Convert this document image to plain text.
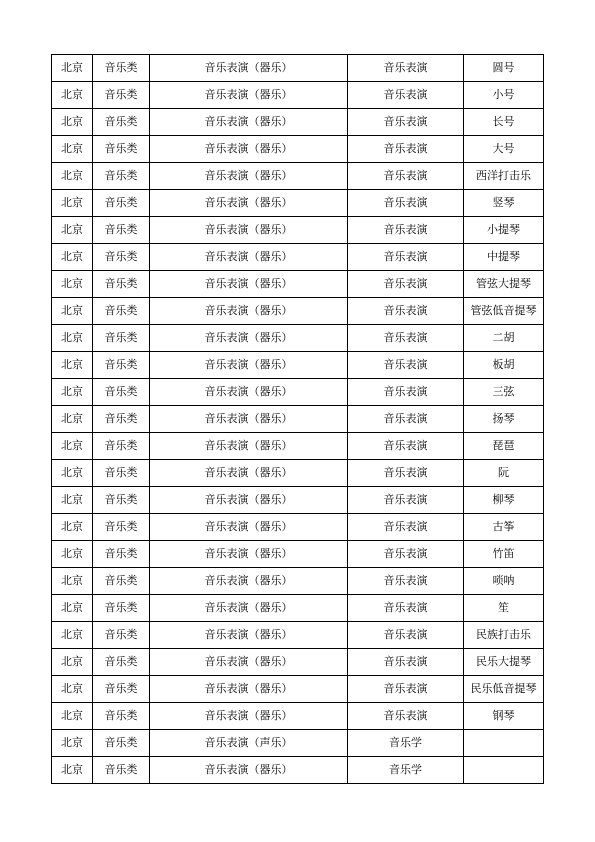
北京	音乐类	音乐表演（器乐）	音乐表演	圆号
北京	音乐类	音乐表演（器乐）	音乐表演	小号
北京	音乐类	音乐表演（器乐）	音乐表演	长号
北京	音乐类	音乐表演（器乐）	音乐表演	大号
北京	音乐类	音乐表演（器乐）	音乐表演	西洋打击乐
北京	音乐类	音乐表演（器乐）	音乐表演	竖琴
北京	音乐类	音乐表演（器乐）	音乐表演	小提琴
北京	音乐类	音乐表演（器乐）	音乐表演	中提琴
北京	音乐类	音乐表演（器乐）	音乐表演	管弦大提琴
北京	音乐类	音乐表演（器乐）	音乐表演	管弦低音提琴
北京	音乐类	音乐表演（器乐）	音乐表演	二胡
北京	音乐类	音乐表演（器乐）	音乐表演	板胡
北京	音乐类	音乐表演（器乐）	音乐表演	三弦
北京	音乐类	音乐表演（器乐）	音乐表演	扬琴
北京	音乐类	音乐表演（器乐）	音乐表演	琵琶
北京	音乐类	音乐表演（器乐）	音乐表演	阮
北京	音乐类	音乐表演（器乐）	音乐表演	柳琴
北京	音乐类	音乐表演（器乐）	音乐表演	古筝
北京	音乐类	音乐表演（器乐）	音乐表演	竹笛
北京	音乐类	音乐表演（器乐）	音乐表演	唢呐
北京	音乐类	音乐表演（器乐）	音乐表演	笙
北京	音乐类	音乐表演（器乐）	音乐表演	民族打击乐
北京	音乐类	音乐表演（器乐）	音乐表演	民乐大提琴
北京	音乐类	音乐表演（器乐）	音乐表演	民乐低音提琴
北京	音乐类	音乐表演（器乐）	音乐表演	钢琴
北京	音乐类	音乐表演（声乐）	音乐学	
北京	音乐类	音乐表演（器乐）	音乐学	
